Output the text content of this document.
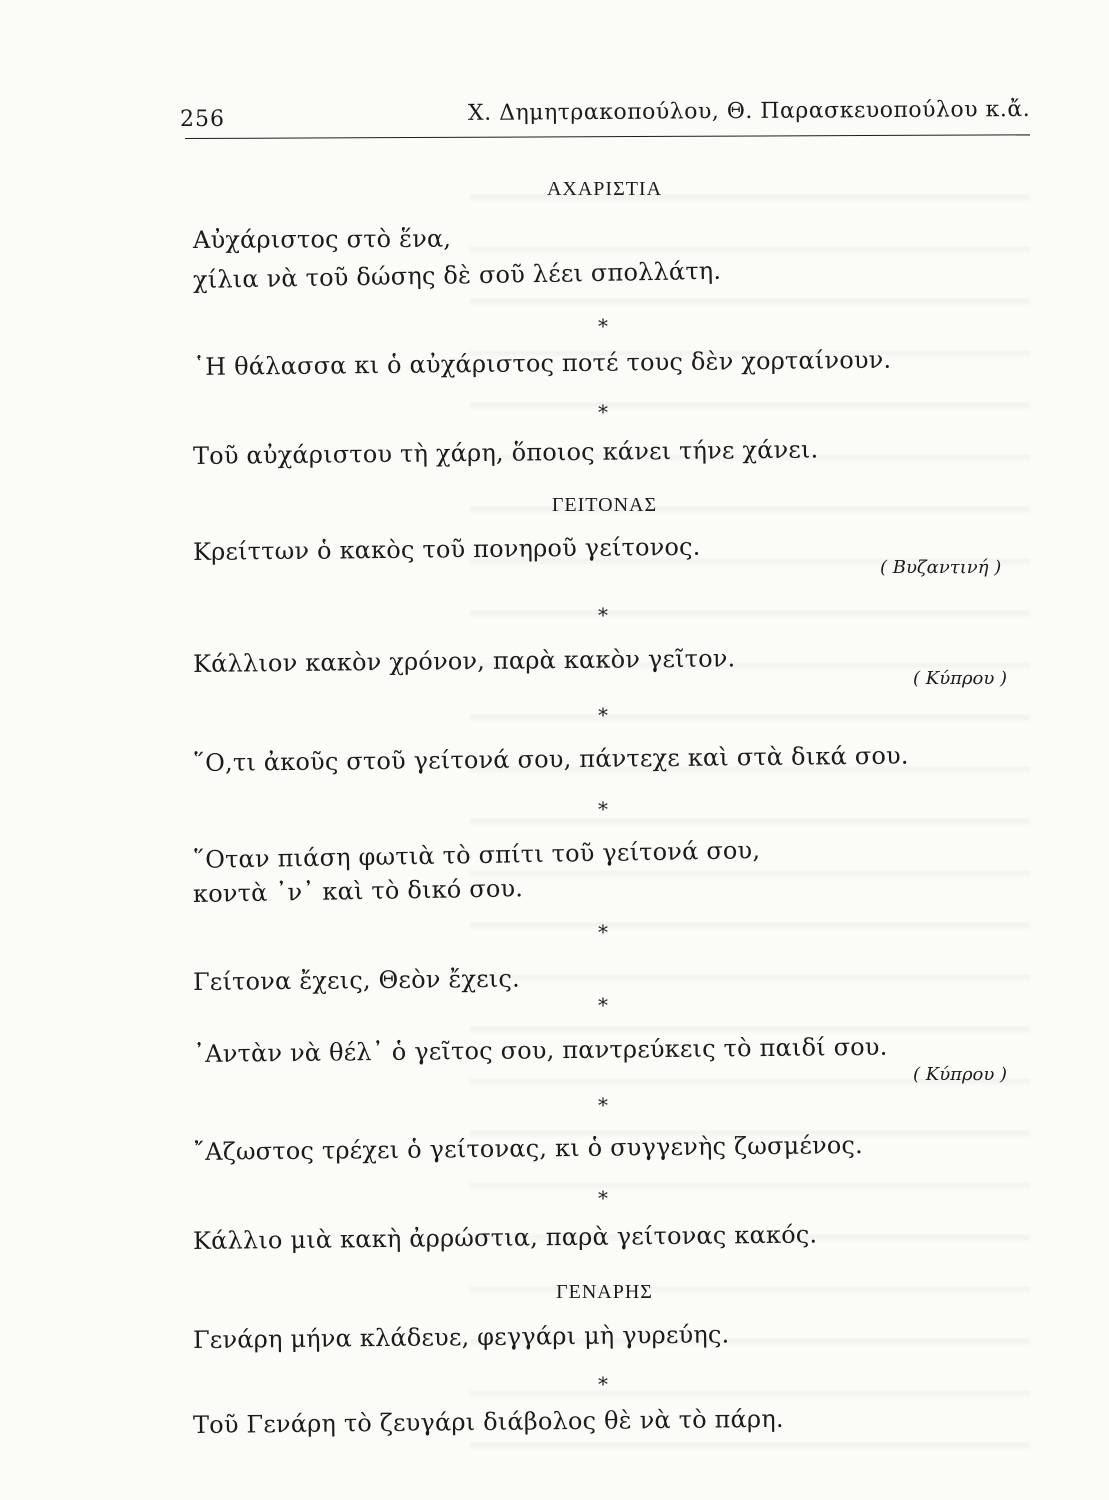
256	Χ. Δημητρακοπούλου, Θ. Παρασκευοπούλου κ.ἄ.
ΑΧΑΡΙΣΤΙΑ
Αὐχάριστος στὸ ἕνα,
χίλια νὰ τοῦ δώσης δὲ σοῦ λέει σπολλάτη.
*
῾Η θάλασσα κι ὁ αὐχάριστος ποτέ τους δὲν χορταίνουν.
*
Τοῦ αὐχάριστου τὴ χάρη, ὅποιος κάνει τήνε χάνει.
ΓΕΙΤΟΝΑΣ
Κρείττων ὁ κακὸς τοῦ πονηροῦ γείτονος.
( Βυζαντινή )
*
Κάλλιον κακὸν χρόνον, παρὰ κακὸν γεῖτον.
( Κύπρου )
*
῞Ο,τι ἀκοῦς στοῦ γείτονά σου, πάντεχε καὶ στὰ δικά σου.
*
῞Οταν πιάση φωτιὰ τὸ σπίτι τοῦ γείτονά σου,
κοντὰ ᾿ν᾿ καὶ τὸ δικό σου.
*
Γείτονα ἔχεις, Θεὸν ἔχεις.
*
᾿Αντὰν νὰ θέλ᾿ ὁ γεῖτος σου, παντρεύκεις τὸ παιδί σου.
( Κύπρου )
*
῎Αζωστος τρέχει ὁ γείτονας, κι ὁ συγγενὴς ζωσμένος.
*
Κάλλιο μιὰ κακὴ ἀρρώστια, παρὰ γείτονας κακός.
ΓΕΝΑΡΗΣ
Γενάρη μήνα κλάδευε, φεγγάρι μὴ γυρεύης.
*
Τοῦ Γενάρη τὸ ζευγάρι διάβολος θὲ νὰ τὸ πάρη.
